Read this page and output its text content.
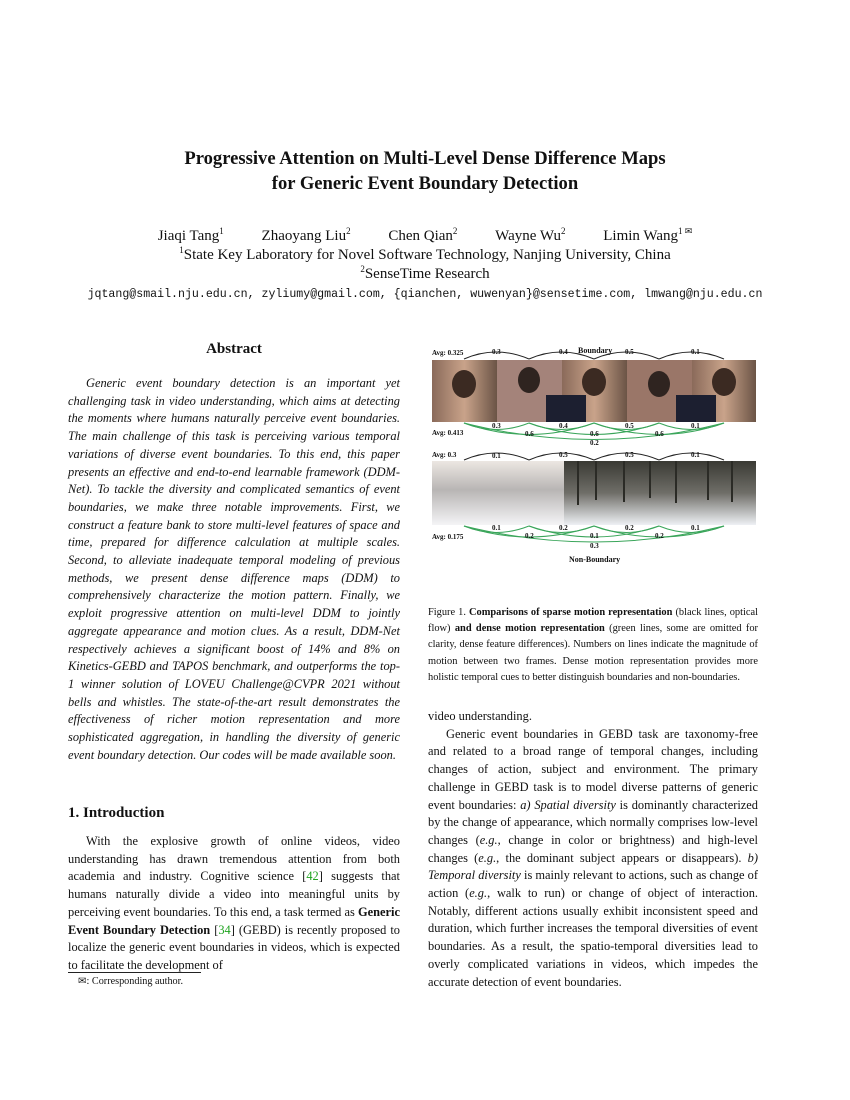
Progressive Attention on Multi-Level Dense Difference Maps
for Generic Event Boundary Detection
Jiaqi Tang$^1$	Zhaoyang Liu$^2$	Chen Qian$^2$	Wayne Wu$^2$	Limin Wang$^{1 ✉}$
$^1$State Key Laboratory for Novel Software Technology, Nanjing University, China
$^2$SenseTime Research
jqtang@smail.nju.edu.cn, zyliumy@gmail.com, {qianchen, wuwenyan}@sensetime.com, lmwang@nju.edu.cn
Abstract

Generic event boundary detection is an important yet challenging task in video understanding, which aims at detecting the moments where humans naturally perceive event boundaries. The main challenge of this task is perceiving various temporal variations of diverse event boundaries. To this end, this paper presents an effective and end-to-end learnable framework (DDM-Net). To tackle the diversity and complicated semantics of event boundaries, we make three notable improvements. First, we construct a feature bank to store multi-level features of space and time, prepared for difference calculation at multiple scales. Second, to alleviate inadequate temporal modeling of previous methods, we present dense difference maps (DDM) to comprehensively characterize the motion pattern. Finally, we exploit progressive attention on multi-level DDM to jointly aggregate appearance and motion clues. As a result, DDM-Net respectively achieves a significant boost of 14% and 8% on Kinetics-GEBD and TAPOS benchmark, and outperforms the top-1 winner solution of LOVEU Challenge@CVPR 2021 without bells and whistles. The state-of-the-art result demonstrates the effectiveness of richer motion representation and more sophisticated aggregation, in handling the diversity of generic event boundary detection. Our codes will be made available soon.

1. Introduction

With the explosive growth of online videos, video understanding has drawn tremendous attention from both academia and industry. Cognitive science [42] suggests that humans naturally divide a video into meaningful units by perceiving event boundaries. To this end, a task termed as Generic Event Boundary Detection [34] (GEBD) is recently proposed to localize the generic event boundaries in videos, which is expected to facilitate the development of

✉: Corresponding author.
Boundary
Non-Boundary
Avg: 0.325	0.3	0.4	0.5	0.1
Avg: 0.413
0.3	0.4	0.5	0.1
0.6	0.6	0.6
0.2
Avg: 0.3	0.1	0.5	0.5	0.1
Avg: 0.175
0.1	0.2	0.2	0.1
0.2	0.1	0.2
0.3
Figure 1. Comparisons of sparse motion representation (black lines, optical flow) and dense motion representation (green lines, some are omitted for clarity, dense feature differences). Numbers on lines indicate the magnitude of motion between two frames. Dense motion representation provides more holistic temporal cues to better distinguish boundaries and non-boundaries.

video understanding.

Generic event boundaries in GEBD task are taxonomy-free and related to a broad range of temporal changes, including changes of action, subject and environment. The primary challenge in GEBD task is to model diverse patterns of generic event boundaries: a) Spatial diversity is dominantly characterized by the change of appearance, which normally comprises low-level changes (e.g., change in color or brightness) and high-level changes (e.g., the dominant subject appears or disappears). b) Temporal diversity is mainly relevant to actions, such as change of action (e.g., walk to run) or change of object of interaction. Notably, different actions usually exhibit inconsistent speed and duration, which further increases the temporal diversities of event boundaries. As a result, the spatio-temporal diversities lead to overly complicated variations in videos, which impedes the accurate detection of event boundaries.
